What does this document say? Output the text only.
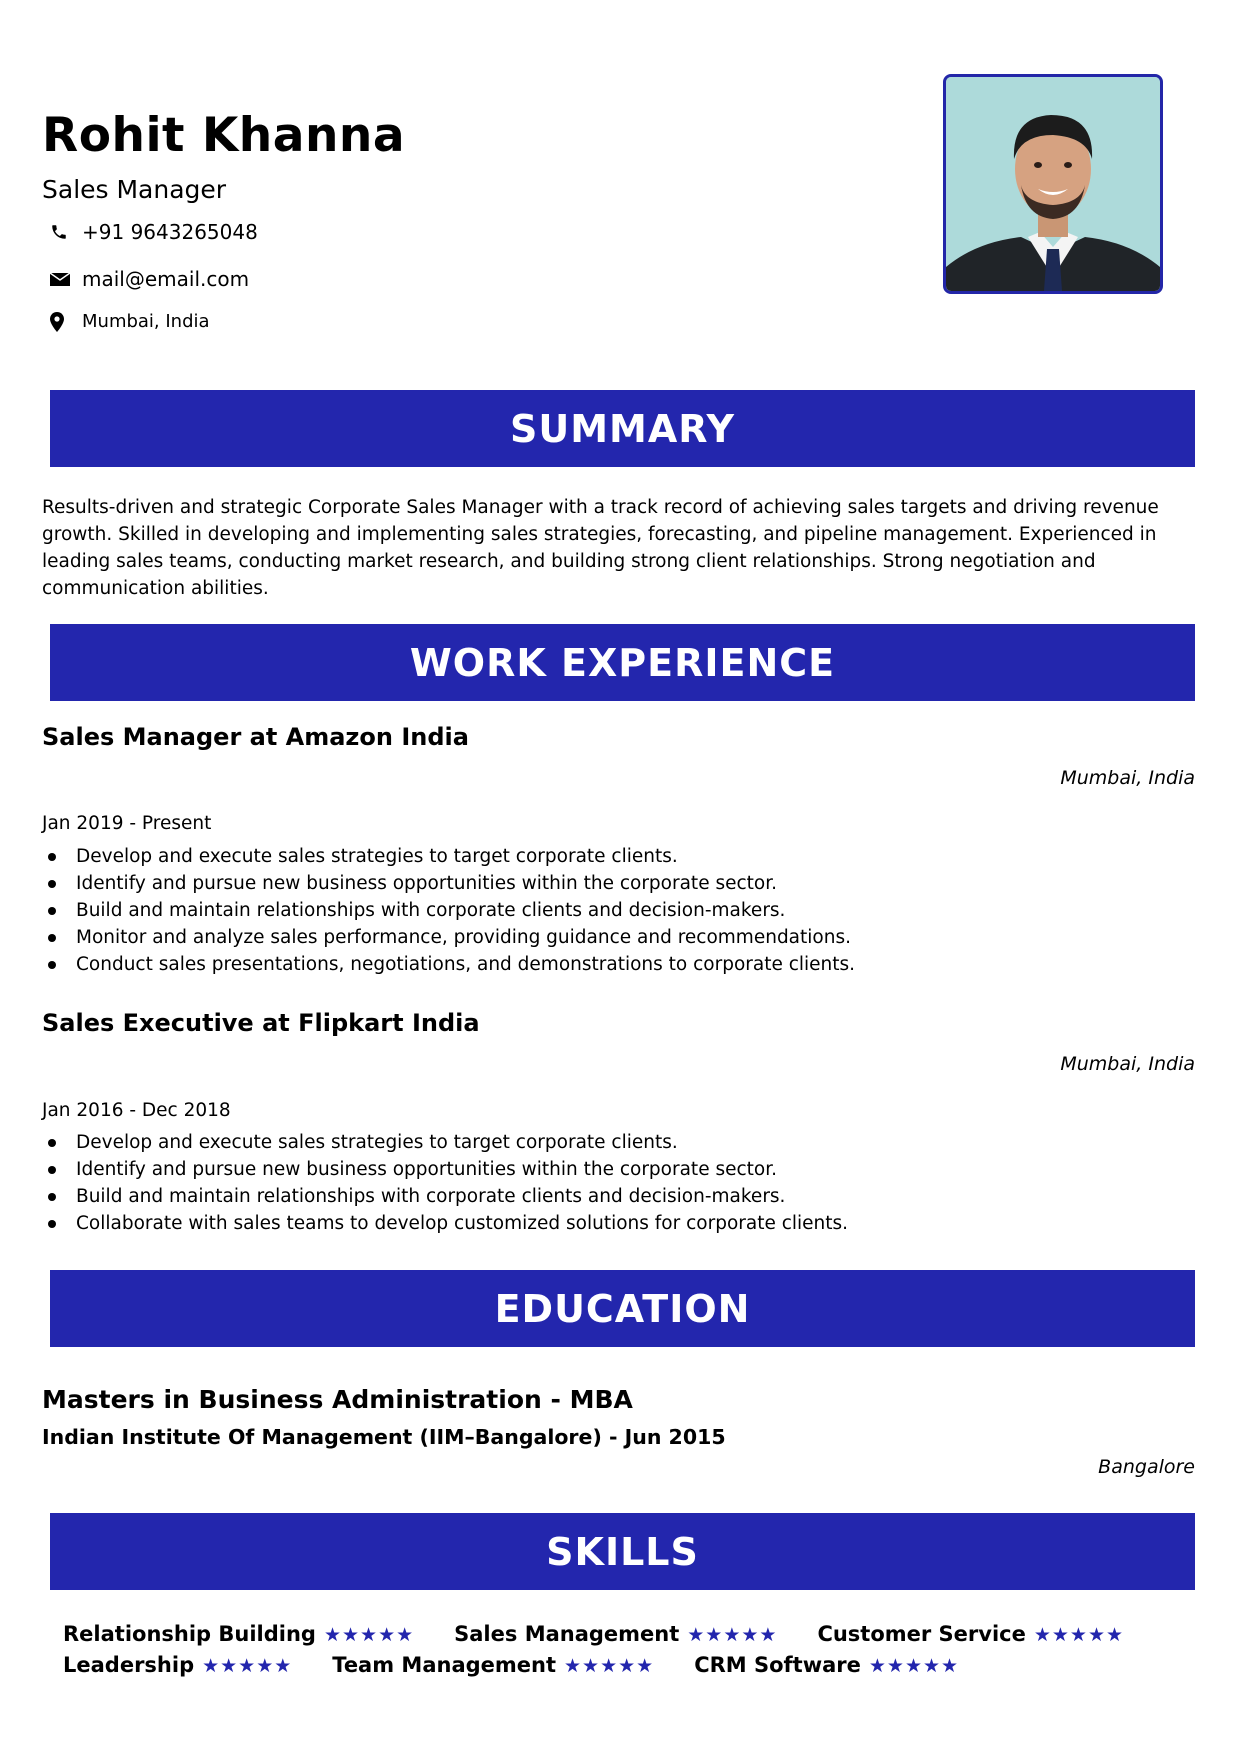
Rohit Khanna
Sales Manager
+91 9643265048
mail@email.com
Mumbai, India
SUMMARY
Results-driven and strategic Corporate Sales Manager with a track record of achieving sales targets and driving revenue growth. Skilled in developing and implementing sales strategies, forecasting, and pipeline management. Experienced in leading sales teams, conducting market research, and building strong client relationships. Strong negotiation and communication abilities.
WORK EXPERIENCE
Sales Manager at Amazon India
Mumbai, India
Jan 2019 - Present
Develop and execute sales strategies to target corporate clients.
Identify and pursue new business opportunities within the corporate sector.
Build and maintain relationships with corporate clients and decision-makers.
Monitor and analyze sales performance, providing guidance and recommendations.
Conduct sales presentations, negotiations, and demonstrations to corporate clients.
Sales Executive at Flipkart India
Mumbai, India
Jan 2016 - Dec 2018
Develop and execute sales strategies to target corporate clients.
Identify and pursue new business opportunities within the corporate sector.
Build and maintain relationships with corporate clients and decision-makers.
Collaborate with sales teams to develop customized solutions for corporate clients.
EDUCATION
Masters in Business Administration - MBA
Indian Institute Of Management (IIM–Bangalore) - Jun 2015
Bangalore
SKILLS
Relationship Building ★★★★★ Sales Management ★★★★★ Customer Service ★★★★★
Leadership ★★★★★ Team Management ★★★★★ CRM Software ★★★★★
